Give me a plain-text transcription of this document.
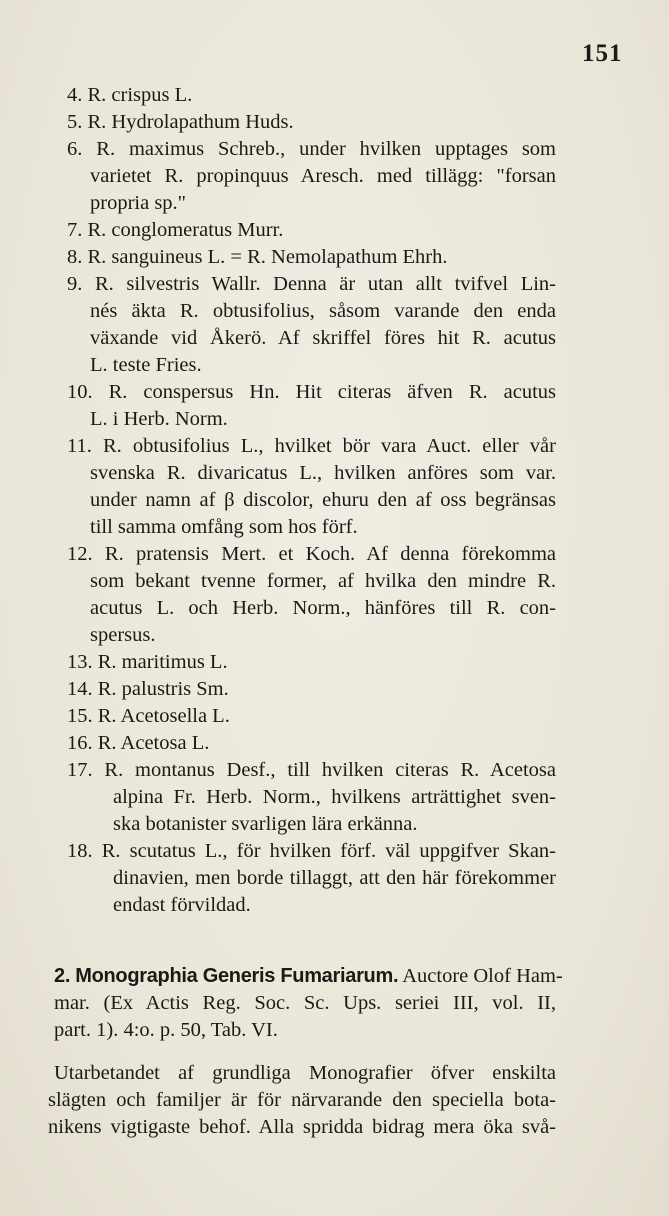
151

4. R. crispus L.
5. R. Hydrolapathum Huds.
6. R. maximus Schreb., under hvilken upptages som
varietet R. propinquus Aresch. med tillägg: "forsan
propria sp."
7. R. conglomeratus Murr.
8. R. sanguineus L. = R. Nemolapathum Ehrh.
9. R. silvestris Wallr. Denna är utan allt tvifvel Lin-
nés äkta R. obtusifolius, såsom varande den enda
växande vid Åkerö. Af skriffel föres hit R. acutus
L. teste Fries.
10. R. conspersus Hn. Hit citeras äfven R. acutus
L. i Herb. Norm.
11. R. obtusifolius L., hvilket bör vara Auct. eller vår
svenska R. divaricatus L., hvilken anföres som var.
under namn af β discolor, ehuru den af oss begränsas
till samma omfång som hos förf.
12. R. pratensis Mert. et Koch. Af denna förekomma
som bekant tvenne former, af hvilka den mindre R.
acutus L. och Herb. Norm., hänföres till R. con-
spersus.
13. R. maritimus L.
14. R. palustris Sm.
15. R. Acetosella L.
16. R. Acetosa L.
17. R. montanus Desf., till hvilken citeras R. Acetosa
alpina Fr. Herb. Norm., hvilkens arträttighet sven-
ska botanister svarligen lära erkänna.
18. R. scutatus L., för hvilken förf. väl uppgifver Skan-
dinavien, men borde tillaggt, att den här förekommer
endast förvildad.
2. Monographia Generis Fumariarum. Auctore Olof Ham-
mar. (Ex Actis Reg. Soc. Sc. Ups. seriei III, vol. II,
part. 1). 4:o. p. 50, Tab. VI.
Utarbetandet af grundliga Monografier öfver enskilta
slägten och familjer är för närvarande den speciella bota-
nikens vigtigaste behof. Alla spridda bidrag mera öka svå-
